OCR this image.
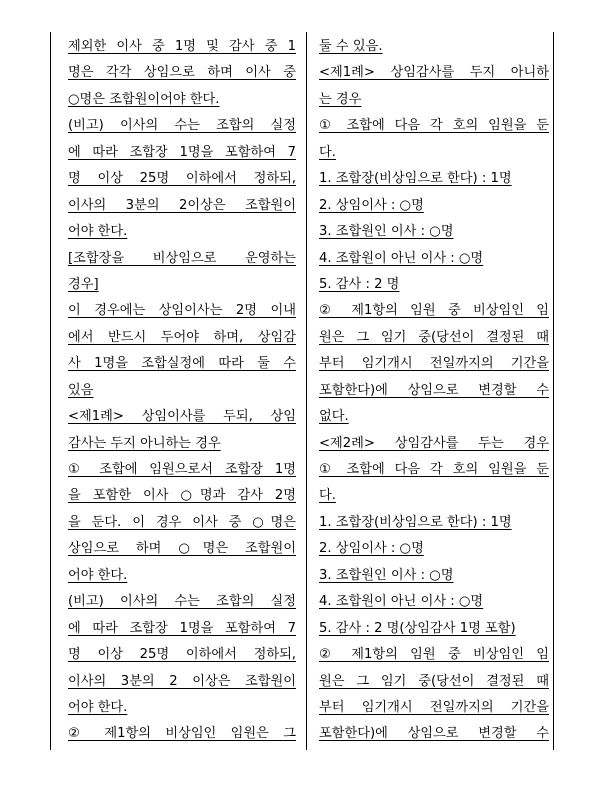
제외한 이사 중 1명 및 감사 중 1
명은 각각 상임으로 하며 이사 중
○명은 조합원이어야 한다.
(비고) 이사의 수는 조합의 실정
에 따라 조합장 1명을 포함하여 7
명 이상 25명 이하에서 정하되,
이사의 3분의 2이상은 조합원이
어야 한다.
[조합장을 비상임으로 운영하는
경우]
이 경우에는 상임이사는 2명 이내
에서 반드시 두어야 하며, 상임감
사 1명을 조합실정에 따라 둘 수
있음
<제1례> 상임이사를 두되, 상임
감사는 두지 아니하는 경우
① 조합에 임원으로서 조합장 1명
을 포함한 이사 ○명과 감사 2명
을 둔다. 이 경우 이사 중 ○명은
상임으로 하며 ○명은 조합원이
어야 한다.
(비고) 이사의 수는 조합의 실정
에 따라 조합장 1명을 포함하여 7
명 이상 25명 이하에서 정하되,
이사의 3분의 2 이상은 조합원이
어야 한다.
② 제1항의 비상임인 임원은 그
둘 수 있음.
<제1례> 상임감사를 두지 아니하
는 경우
① 조합에 다음 각 호의 임원을 둔
다.
1. 조합장(비상임으로 한다) : 1명
2. 상임이사 : ○명
3. 조합원인 이사 : ○명
4. 조합원이 아닌 이사 : ○명
5. 감사 : 2 명
② 제1항의 임원 중 비상임인 임
원은 그 임기 중(당선이 결정된 때
부터 임기개시 전일까지의 기간을
포함한다)에 상임으로 변경할 수
없다.
<제2례> 상임감사를 두는 경우
① 조합에 다음 각 호의 임원을 둔
다.
1. 조합장(비상임으로 한다) : 1명
2. 상임이사 : ○명
3. 조합원인 이사 : ○명
4. 조합원이 아닌 이사 : ○명
5. 감사 : 2 명(상임감사 1명 포함)
② 제1항의 임원 중 비상임인 임
원은 그 임기 중(당선이 결정된 때
부터 임기개시 전일까지의 기간을
포함한다)에 상임으로 변경할 수
